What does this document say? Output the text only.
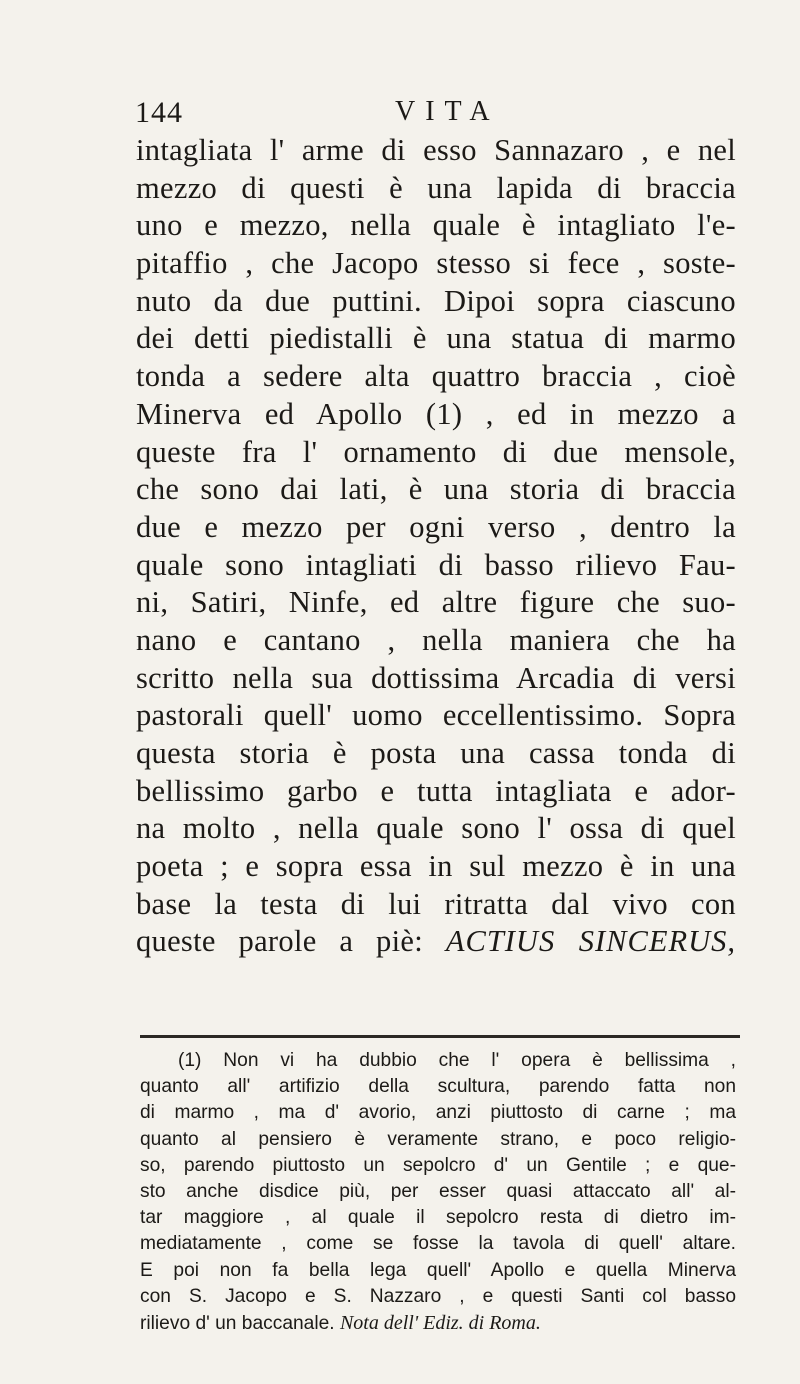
144	VITA
intagliata l' arme di esso Sannazaro , e nel
mezzo di questi è una lapida di braccia
uno e mezzo, nella quale è intagliato l'e-
pitaffio , che Jacopo stesso si fece , soste-
nuto da due puttini. Dipoi sopra ciascuno
dei detti piedistalli è una statua di marmo
tonda a sedere alta quattro braccia , cioè
Minerva ed Apollo (1) , ed in mezzo a
queste fra l' ornamento di due mensole,
che sono dai lati, è una storia di braccia
due e mezzo per ogni verso , dentro la
quale sono intagliati di basso rilievo Fau-
ni, Satiri, Ninfe, ed altre figure che suo-
nano e cantano , nella maniera che ha
scritto nella sua dottissima Arcadia di versi
pastorali quell' uomo eccellentissimo. Sopra
questa storia è posta una cassa tonda di
bellissimo garbo e tutta intagliata e ador-
na molto , nella quale sono l' ossa di quel
poeta ; e sopra essa in sul mezzo è in una
base la testa di lui ritratta dal vivo con
queste parole a piè: ACTIUS SINCERUS,
(1) Non vi ha dubbio che l' opera è bellissima ,
quanto all' artifizio della scultura, parendo fatta non
di marmo , ma d' avorio, anzi piuttosto di carne ; ma
quanto al pensiero è veramente strano, e poco religio-
so, parendo piuttosto un sepolcro d' un Gentile ; e que-
sto anche disdice più, per esser quasi attaccato all' al-
tar maggiore , al quale il sepolcro resta di dietro im-
mediatamente , come se fosse la tavola di quell' altare.
E poi non fa bella lega quell' Apollo e quella Minerva
con S. Jacopo e S. Nazzaro , e questi Santi col basso
rilievo d' un baccanale. Nota dell' Ediz. di Roma.
